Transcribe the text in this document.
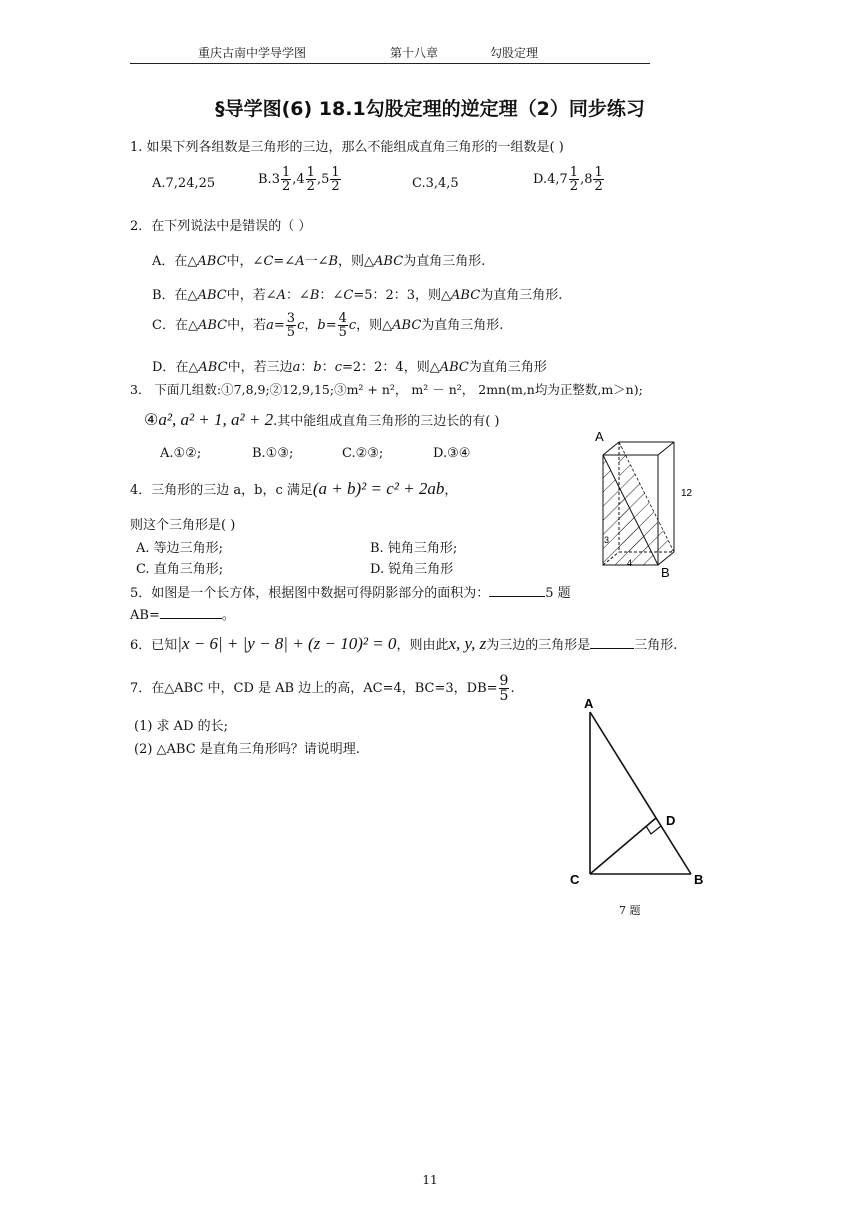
重庆古南中学导学图	第十八章	勾股定理
§导学图(6) 18.1勾股定理的逆定理（2）同步练习
1. 如果下列各组数是三角形的三边，那么不能组成直角三角形的一组数是( )
A.7,24,25	$B.3 \frac{1}{2} ,4 \frac{1}{2} ,5 \frac{1}{2}$	C.3,4,5	$D.4,7 \frac{1}{2} ,8 \frac{1}{2}$
2．在下列说法中是错误的（ ）
A．在△ABC中，∠C=∠A一∠B，则△ABC为直角三角形.
B．在△ABC中，若∠A：∠B：∠C=5：2：3，则△ABC为直角三角形.
C．在△ABC中，若$a= \frac{3}{5}$ c，$b= \frac{4}{5}$ c，则△ABC为直角三角形.
D．在△ABC中，若三边a：b：c=2：2：4，则△ABC为直角三角形
3． 下面几组数:①7,8,9;②12,9,15;③m² + n²， m² － n²， 2mn(m,n均为正整数,m＞n);
④a², a² + 1, a² + 2.其中能组成直角三角形的三边长的有( )
A.①②;	B.①③;	C.②③;	D.③④
4．三角形的三边 a，b，c 满足(a + b)² = c² + 2ab，
则这个三角形是( )
A. 等边三角形;	B. 钝角三角形;
C. 直角三角形;	D. 锐角三角形
5．如图是一个长方体，根据图中数据可得阴影部分的面积为：	5 题
AB=	。
6．已知|x − 6| + |y − 8| + (z − 10)² = 0，则由此x, y, z为三边的三角形是	三角形.
7．在△ABC 中，CD 是 AB 边上的高，AC=4，BC=3，$DB= \frac{9}{5}$ .
(1) 求 AD 的长;
(2) △ABC 是直角三角形吗？请说明理.
A
B
12
3
4
A
B
C
D
7 题
11
